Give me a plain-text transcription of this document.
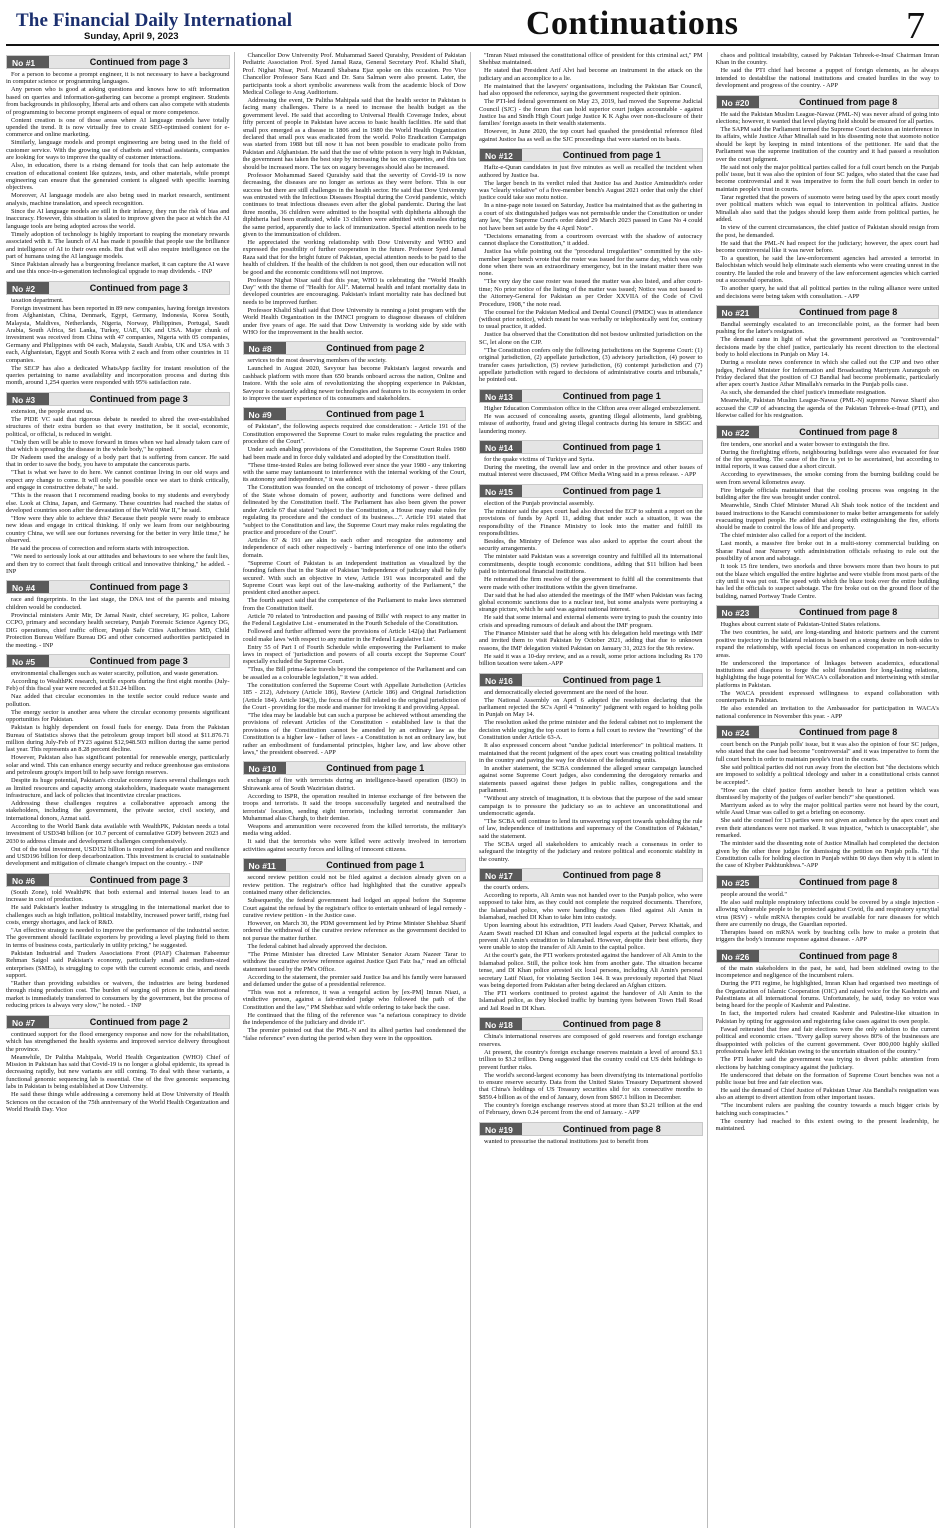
The Financial Daily International
Sunday, April 9, 2023	Continuations	7
No #1	Continued from page 3

For a person to become a prompt engineer, it is not necessary to have a background in computer science or programming languages.

Any person who is good at asking questions and knows how to sift information based on queries and information-gathering can become a prompt engineer. Students from backgrounds in philosophy, liberal arts and others can also compete with students of programming to become prompt engineers of equal or more competence.

Content creation is one of those areas where AI language models have totally upended the trend. It is now virtually free to create SEO-optimised content for e-commerce and online marketing.

Similarly, language models and prompt engineering are being used in the field of customer service. With the growing use of chatbots and virtual assistants, companies are looking for ways to improve the quality of customer interactions.

Also, in education, there is a rising demand for tools that can help automate the creation of educational content like quizzes, tests, and other materials, while prompt engineering can ensure that the generated content is aligned with specific learning objectives.

Moreover, AI language models are also being used in market research, sentiment analysis, machine translation, and speech recognition.

Since the AI language models are still in their infancy, they run the risk of bias and inaccuracy. However, this situation is slated to improve given the pace at which the AI language tools are being adopted across the world.

Timely adoption of technology is highly important to reaping the monetary rewards associated with it. The launch of AI has made it possible that people use the brilliance and intelligence of AI to their own ends. But that will also require intelligence on the part of humans using the AI language models.

Since Pakistan already has a burgeoning freelance market, it can capture the AI wave and use this once-in-a-generation technological upgrade to reap dividends. - INP

No #2	Continued from page 3

taxation department.

Foreign investment has been reported in 89 new companies, having foreign investors from Afghanistan, China, Denmark, Egypt, Germany, Indonesia, Korea South, Malaysia, Maldives, Netherlands, Nigeria, Norway, Philippines, Portugal, Saudi Arabia, South Africa, Sri Lanka, Turkey, UAE, UK and USA. Major chunk of investment was received from China with 47 companies, Nigeria with 05 companies, Germany and Philippines with 04 each, Malaysia, Saudi Arabia, UK and USA with 3 each, Afghanistan, Egypt and South Korea with 2 each and from other countries in 11 companies.

The SECP has also a dedicated WhatsApp facility for instant resolution of the queries pertaining to name availability and incorporation process and during this month, around 1,254 queries were responded with 95% satisfaction rate.

No #3	Continued from page 3

extension, the people around us.

The PIDE VC said that rigorous debate is needed to shred the over-established structures of their extra burden so that every institution, be it social, economic, political, or official, is reduced in weight.

"Only then will be able to move forward in times when we had already taken care of that which is spreading the disease in the whole body," he opined.

Dr Nadeem used the analogy of a body part that is suffering from cancer. He said that in order to save the body, you have to amputate the cancerous parts.

"That is what we have to do here. We cannot continue living in our old ways and expect any change to come. It will only be possible once we start to think critically, and engage in constructive debate," he said.

"This is the reason that I recommend reading books to my students and everybody else. Look at China, Japan, and Germany. These countries had reached the status of developed countries soon after the devastation of the World War II," he said.

"How were they able to achieve this? Because their people were ready to embrace new ideas and engage in critical thinking. If only we learn from our neighbouring country China, we will see our fortunes reversing for the better in very little time," he observed.

He said the process of correction and reform starts with introspection.

"We need to seriously look at our attitudes and behaviours to see where the fault lies, and then try to correct that fault through critical and innovative thinking," he added. - INP

No #4	Continued from page 3

race and fingerprints. In the last stage, the DNA test of the parents and missing children would be conducted.

Provincial ministers Amir Mir, Dr Jamal Nasir, chief secretary, IG police, Lahore CCPO, primary and secondary health secretary, Punjab Forensic Science Agency DG, DIG operations, chief traffic officer, Punjab Safe Cities Authorities MD, Child Protection Bureau Welfare Bureau DG and other concerned authorities participated in the meeting. - INP

No #5	Continued from page 3

environmental challenges such as water scarcity, pollution, and waste generation.

According to WealthPK research, textile exports during the first eight months (July-Feb) of this fiscal year were recorded at $11.24 billion.

Naz added that circular economies in the textile sector could reduce waste and pollution.

The energy sector is another area where the circular economy presents significant opportunities for Pakistan.

Pakistan is highly dependent on fossil fuels for energy. Data from the Pakistan Bureau of Statistics shows that the petroleum group import bill stood at $11.876.71 million during July-Feb of FY23 against $12,948.503 million during the same period last year. This represents an 8.28 percent decline.

However, Pakistan also has significant potential for renewable energy, particularly solar and wind. This can enhance energy security and reduce greenhouse gas emissions and petroleum group's import bill to help save foreign reserves.

Despite its huge potential, Pakistan's circular economy faces several challenges such as limited resources and capacity among stakeholders, inadequate waste management infrastructure, and lack of policies that incentivize circular practices.

Addressing these challenges requires a collaborative approach among the stakeholders, including the government, the private sector, civil society, and international donors, Azmat said.

According to the World Bank data available with WealthPK, Pakistan needs a total investment of USD348 billion (or 10.7 percent of cumulative GDP) between 2023 and 2030 to address climate and development challenges comprehensively.

Out of the total investment, USD152 billion is required for adaptation and resilience and USD196 billion for deep decarbonization. This investment is crucial to sustainable development and mitigation of climate change's impact on the country. - INP

No #6	Continued from page 3

(South Zone), told WealthPK that both external and internal issues lead to an increase in cost of production.

He said Pakistan's leather industry is struggling in the international market due to challenges such as high inflation, political instability, increased power tariff, rising fuel costs, energy shortages, and lack of R&D.

"An effective strategy is needed to improve the performance of the industrial sector. The government should facilitate exporters by providing a level playing field to them in terms of business costs, particularly in utility pricing," he suggested.

Pakistan Industrial and Traders Associations Front (PIAF) Chairman Faheemur Rehman Saigol said Pakistan's economy, particularly small and medium-sized enterprises (SMEs), is struggling to cope with the current economic crisis, and needs support.

"Rather than providing subsidies or waivers, the industries are being burdened through rising production cost. The burden of surging oil prices in the international market is immediately transferred to consumers by the government, but the process of reducing prices is always very slow," he noted. - INP

No #7	Continued from page 2

continued support for the flood emergency response and now for the rehabilitation, which has strengthened the health systems and improved service delivery throughout the province.

Meanwhile, Dr Palitha Mahipala, World Health Organization (WHO) Chief of Mission in Pakistan has said that Covid-19 is no longer a global epidemic, its spread is decreasing rapidly, but new variants are still coming. To deal with these variants, a functional genomic sequencing lab is essential. One of the five genomic sequencing labs in Pakistan is being established at Dow University.

He said these things while addressing a ceremony held at Dow University of Health Sciences on the occasion of the 75th anniversary of the World Health Organization and World Health Day. Vice

Chancellor Dow University Prof. Muhammad Saeed Quraishy, President of Pakistan Pediatric Association Prof. Syed Jamal Raza, General Secretary Prof. Khalid Shafi, Prof. Nighat Nisar, Prof. Muzamil Shabana Ejaz spoke on this occasion. Pro Vice Chancellor Professor Sara Kazi and Dr. Sara Salman were also present. Later, the participants took a short symbolic awareness walk from the academic block of Dow Medical College to Arag Auditorium.

Addressing the event, Dr Palitha Mahipala said that the health sector in Pakistan is facing many challenges. There is a need to increase the health budget as the government level. He said that according to Universal Health Coverage Index, about fifty percent of people in Pakistan have access to basic health facilities. He said that small pox emerged as a disease in 1806 and in 1980 the World Health Organization declared that small pox was eradicated from the world. Polio Eradication Campaign was started from 1988 but till now it has not been possible to eradicate polio from Pakistan and Afghanistan. He said that the use of white poison is very high in Pakistan, the government has taken the best step by increasing the tax on cigarettes, and this tax should be increased more. The tax on sugary beverages should also be increased.

Professor Mohammad Saeed Quraishy said that the severity of Covid-19 is now decreasing, the diseases are no longer as serious as they were before. This is our success but there are still challenges in the health sector. He said that Dow University was entrusted with the Infectious Diseases Hospital during the Covid pandemic, which continues to treat infectious diseases even after the global pandemic. During the last three months, 36 children were admitted to the hospital with diphtheria although the diphtheria had been eradicated, while 13 children were admitted with measles during the same period, apparently due to lack of immunization. Special attention needs to be given to the immunization of children.

He appreciated the working relationship with Dow University and WHO and expressed the possibility of further cooperation in the future. Professor Syed Jamal Raza said that for the bright future of Pakistan, special attention needs to be paid to the health of children. If the health of the children is not good, then our education will not be good and the economic conditions will not improve.

Professor Nighat Nisar said that this year, WHO is celebrating the "World Health Day" with the theme of "Health for All". Maternal health and infant mortality data in developed countries are encouraging. Pakistan's infant mortality rate has declined but needs to be improved further.

Professor Khalid Shafi said that Dow University is running a joint program with the World Health Organization in the IMNCI program to diagnose diseases of children under five years of age. He said that Dow University is working side by side with WHO for the improvement in the health sector.

No #8	Continued from page 2

services to the most deserving members of the society.

Launched in August 2020, Savyour has become Pakistan's largest rewards and cashback platform with more than 650 brands onboard across the nation, Online and Instore. With the sole aim of revolutionizing the shopping experience in Pakistan, Savyour is constantly adding newer technologies and features to its ecosystem in order to improve the user experience of its consumers and stakeholders.

No #9	Continued from page 1

of Pakistan", the following aspects required due consideration: - Article 191 of the Constitution empowered the Supreme Court to make rules regulating the practice and procedure of the Court".

Under such enabling provisions of the Constitution, the Supreme Court Rules 1980 had been made and in force duly validated and adopted by the Constitution itself.

"These time-tested Rules are being followed ever since the year 1980 - any tinkering with the same may tantamount to interference with the internal working of the Court, its autonomy and independence," it was added.

The Constitution was founded on the concept of trichotomy of power - three pillars of the State whose domain of power, authority and functions were defined and delineated by the Constitution itself. The Parliament has also been given the power under Article 67 that stated "subject to the Constitution, a House may make rules for regulating its procedure and the conduct of its business....". Article 191 stated that "subject to the Constitution and law, the Supreme Court may make rules regulating the practice and procedure of the Court".

Articles 67 & 191 are akin to each other and recognize the autonomy and independence of each other respectively - barring interference of one into the other's domain.

"Supreme Court of Pakistan is an independent institution as visualized by the founding fathers that in the State of Pakistan 'independence of judiciary shall be fully secured'. With such an objective in view, Article 191 was incorporated and the Supreme Court was kept out of the law-making authority of the Parliament," the president cited another aspect.

The fourth aspect said that the competence of the Parliament to make laws stemmed from the Constitution itself.

Article 70 related to 'introduction and passing of Bills' with respect to any matter in the Federal Legislative List - enumerated in the Fourth Schedule of the Constitution.

Followed and further affirmed were the provisions of Article 142(a) that Parliament could make laws 'with respect to any matter in the Federal Legislative List'.

Entry 55 of Part I of Fourth Schedule while empowering the Parliament to make laws in respect of 'jurisdiction and powers of all courts except the Supreme Court' especially excluded the Supreme Court.

"Thus, the Bill prima-facie travels beyond the competence of the Parliament and can be assailed as a colourable legislation," it was added.

The constitution conferred the Supreme Court with Appellate Jurisdiction (Articles 185 - 212), Advisory (Article 186), Review (Article 186) and Original Jurisdiction (Article 184). Article 184(3), the focus of the Bill related to the original jurisdiction of the Court - providing for the mode and manner for invoking it and providing Appeal.

"The idea may be laudable but can such a purpose be achieved without amending the provisions of relevant Articles of the Constitution - established law is that the provisions of the Constitution cannot be amended by an ordinary law as the Constitution is a higher law - father of laws - a Constitution is not an ordinary law, but rather an embodiment of fundamental principles, higher law, and law above other laws," the president observed. - APP

No #10	Continued from page 1

exchange of fire with terrorists during an intelligence-based operation (IBO) in Shirawank area of South Waziristan district.

According to ISPR, the operation resulted in intense exchange of fire between the troops and terrorists. It said the troops successfully targeted and neutralised the terrorists' location, sending eight terrorists, including terrorist commander Jan Muhammad alias Chargh, to their demise.

Weapons and ammunition were recovered from the killed terrorists, the military's media wing added.

It said that the terrorists who were killed were actively involved in terrorism activities against security forces and killing of innocent citizens.

No #11	Continued from page 1

second review petition could not be filed against a decision already given on a review petition. The registrar's office had highlighted that the curative appeal's contained many other deficiencies.

Subsequently, the federal government had lodged an appeal before the Supreme Court against the refusal by the registrar's office to entertain unheard of legal remedy - curative review petition - in the Justice case.

However, on March 30, the PDM government led by Prime Minister Shehbaz Sharif ordered the withdrawal of the curative review reference as the government decided to not pursue the matter further.

The federal cabinet had already approved the decision.

"The Prime Minister has directed Law Minister Senator Azam Nazeer Tarar to withdraw the curative review reference against Justice Qazi Faiz Isa," read an official statement issued by the PM's Office.

According to the statement, the premier said Justice Isa and his family were harassed and defamed under the guise of a presidential reference.

"This was not a reference, it was a vengeful action by [ex-PM] Imran Niazi, a vindictive person, against a fair-minded judge who followed the path of the Constitution and the law," PM Shehbaz said while ordering to take back the case.

He continued that the filing of the reference was "a nefarious conspiracy to divide the independence of the judiciary and divide it".

The premier pointed out that the PML-N and its allied parties had condemned the "false reference" even during the period when they were in the opposition.

"Imran Niazi misused the constitutional office of president for this criminal act," PM Shehbaz maintained.

He stated that President Arif Alvi had become an instrument in the attack on the judiciary and an accomplice to a lie.

He maintained that the lawyers' organisations, including the Pakistan Bar Council, had also opposed the reference, saying the government respected their opinion.

The PTI-led federal government on May 23, 2019, had moved the Supreme Judicial Council (SJC) - the forum that can hold superior court judges accountable - against Justice Isa and Sindh High Court judge Justice K K Agha over non-disclosure of their families' foreign assets in their wealth statements.

However, in June 2020, the top court had quashed the presidential reference filed against Justice Isa as well as the SJC proceedings that were started on its basis.

No #12	Continued from page 1

Hafiz-e-Quran candidates in just five minutes as well as recalled the incident when authored by Justice Isa.

The larger bench in its verdict ruled that Justice Isa and Justice Aminuddin's order was "clearly violative" of a five-member bench's August 2021 order that only the chief justice could take suo motu notice.

In a nine-page note issued on Saturday, Justice Isa maintained that as the gathering in a court of six distinguished judges was not permissible under the Constitution or under any law, "the Supreme Court's order dated 29 March 2023 passed in Case No 4 could not have been set aside by the 4 April Note".

"Decisions emanating from a courtroom overcast with the shadow of autocracy cannot displace the Constitution," it added.

Justice Isa while pointing out the "procedural irregularities" committed by the six-member larger bench wrote that the roster was issued for the same day, which was only done when there was an extraordinary emergency, but in the instant matter there was none.

"The very day the case roster was issued the matter was also listed, and after court-time; No prior notice of the listing of the matter was issued; Notice was not issued to the Attorney-General for Pakistan as per Order XXVIIA of the Code of Civil Procedure, 1908," the note read.

The counsel for the Pakistan Medical and Dental Council (PMDC) was in attendance (without prior notice), which meant he was verbally or telephonically sent for, contrary to usual practice, it added.

Justice Isa observed that the Constitution did not bestow unlimited jurisdiction on the SC, let alone on the CJP.

"The Constitution confers only the following jurisdictions on the Supreme Court: (1) original jurisdiction, (2) appellate jurisdiction, (3) advisory jurisdiction, (4) power to transfer cases jurisdiction, (5) review jurisdiction, (6) contempt jurisdiction and (7) appellate jurisdiction with regard to decisions of administrative courts and tribunals," he pointed out.

No #13	Continued from page 1

Higher Education Commission office in the Clifton area over alleged embezzlement.

He was accused of concealing assets, granting illegal allotments, land grabbing, misuse of authority, fraud and giving illegal contracts during his tenure in SBGC and laundering money.

No #14	Continued from page 1

for the quake victims of Turkiye and Syria.

During the meeting, the overall law and order in the province and other issues of mutual interest were discussed, PM Office Media Wing said in a press release. - APP

No #15	Continued from page 1

election of the Punjab provincial assembly.

The minister said the apex court had also directed the ECP to submit a report on the provisions of funds by April 11, adding that under such a situation, it was the responsibility of the Finance Ministry to look into the matter and fulfill its responsibilities.

Besides, the Ministry of Defence was also asked to apprise the court about the security arrangements.

The minister said Pakistan was a sovereign country and fulfilled all its international commitments, despite tough economic conditions, adding that $11 billion had been paid to international financial institutions.

He reiterated the firm resolve of the government to fulfil all the commitments that were made with other institutions within the given timeframe.

Dar said that he had also attended the meetings of the IMF when Pakistan was facing global economic sanctions due to a nuclear test, but some analysts were portraying a strange picture, which he said was against national interest.

He said that some internal and external elements were trying to push the country into crisis and spreading rumours of default and about the IMF program.

The Finance Minister said that he along with his delegation held meetings with IMF and invited them to visit Pakistan by October 2021, adding that due to unknown reasons, the IMF delegation visited Pakistan on January 31, 2023 for the 9th review.

He said it was a 10-day review, and as a result, some prior actions including Rs 170 billion taxation were taken.-APP

No #16	Continued from page 1

and democratically elected government are the need of the hour.

The National Assembly on April 6 adopted the resolution declaring that the parliament rejected the SC's April 4 "minority" judgment with regard to holding polls in Punjab on May 14.

The resolution asked the prime minister and the federal cabinet not to implement the decision while urging the top court to form a full court to review the "rewriting" of the Constitution under Article 63-A.

It also expressed concern about "undue judicial interference" in political matters. It maintained that the recent judgment of the apex court was creating political instability in the country and paving the way for division of the federating units.

In another statement, the SCBA condemned the alleged smear campaign launched against some Supreme Court judges, also condemning the derogatory remarks and statements passed against these judges in public rallies, congregations and the parliament.

"Without any stretch of imagination, it is obvious that the purpose of the said smear campaign is to pressure the judiciary so as to achieve an unconstitutional and undemocratic agenda.

"The SCBA will continue to lend its unwavering support towards upholding the rule of law, independence of institutions and supremacy of the Constitution of Pakistan," said the statement.

The SCBA urged all stakeholders to amicably reach a consensus in order to safeguard the integrity of the judiciary and restore political and economic stability in the country.

No #17	Continued from page 8

the court's orders.

According to reports, Ali Amin was not handed over to the Punjab police, who were supposed to take him, as they could not complete the required documents. Therefore, the Islamabad police, who were handling the cases filed against Ali Amin in Islamabad, reached DI Khan to take him into custody.

Upon learning about his extradition, PTI leaders Asad Qaiser, Pervez Khattak, and Azam Swati reached DI Khan and consulted legal experts at the judicial complex to prevent Ali Amin's extradition to Islamabad. However, despite their best efforts, they were unable to stop the transfer of Ali Amin to the capital police.

At the court's gate, the PTI workers protested against the handover of Ali Amin to the Islamabad police. Still, the police took him from another gate. The situation became tense, and DI Khan police arrested six local persons, including Ali Amin's personal secretary Latif Niazi, for violating Section 144. It was previously reported that Niazi was being deported from Pakistan after being declared an Afghan citizen.

The PTI workers continued to protest against the handover of Ali Amin to the Islamabad police, as they blocked traffic by burning tyres between Town Hall Road and Jail Road in DI Khan.

No #18	Continued from page 8

China's international reserves are composed of gold reserves and foreign exchange reserves.

At present, the country's foreign exchange reserves maintain a level of around $3.1 trillion to $3.2 trillion. Deng suggested that the country could cut US debt holdings to prevent further risks.

The world's second-largest economy has been diversifying its international portfolio to ensure reserve security. Data from the United States Treasury Department showed that China's holdings of US Treasury securities slid for six consecutive months to $859.4 billion as of the end of January, down from $867.1 billion in December.

The country's foreign exchange reserves stood at more than $3.21 trillion at the end of February, down 0.24 percent from the end of January. - APP

No #19	Continued from page 8

wanted to pressurise the national institutions just to benefit from

chaos and political instability, caused by Pakistan Tehreek-e-Insaf Chairman Imran Khan in the country.

He said the PTI chief had become a puppet of foreign elements, as he always intended to destabilise the national institutions and created hurdles in the way to development and progress of the country. - APP

No #20	Continued from page 8

He said the Pakistan Muslim League-Nawaz (PML-N) was never afraid of going into elections; however, it wanted that level playing field should be ensured for all parties.

The SAPM said the Parliament termed the Supreme Court decision an interference in its affairs, while Justice Athar Minallah said in his dissenting note that suomoto notice should be kept by keeping in mind intentions of the petitioner. He said that the Parliament was the supreme institution of the country and it had passed a resolution over the court judgment.

He said not only the major political parties called for a full court bench on the Punjab polls' issue, but it was also the opinion of four SC judges, who stated that the case had become controversial and it was imperative to form the full court bench in order to maintain people's trust in courts.

Tarar regretted that the powers of suomoto were being used by the apex court mostly over political matters which was equal to intervention in political affairs. Justice Minallah also said that the judges should keep them aside from political parties, he added.

In view of the current circumstances, the chief justice of Pakistan should resign from the post, he demanded.

He said that the PML-N had respect for the judiciary; however, the apex court had become controversial like it was never before.

To a question, he said the law-enforcement agencies had arrested a terrorist in Balochistan which would help eliminate such elements who were creating unrest in the country. He lauded the role and bravery of the law enforcement agencies which carried out a successful operation.

To another query, he said that all political parties in the ruling alliance were united and decisions were being taken with consultation. - APP

No #21	Continued from page 8

Bandial seemingly escalated to an irreconcilable point, as the former had been pushing for the latter's resignation.

The demand came in light of what the government perceived as "controversial" decisions made by the chief justice, particularly his recent direction to the electoral body to hold elections in Punjab on May 14.

During a resolute news conference in which she called out the CJP and two other judges, Federal Minister for Information and Broadcasting Marriyum Aurangzeb on Friday declared that the position of CJ Bandial had become problematic, particularly after apex court's Justice Athar Minallah's remarks in the Punjab polls case.

As such, she demanded the chief justice's immediate resignation.

Meanwhile, Pakistan Muslim League-Nawaz (PML-N) supremo Nawaz Sharif also accused the CJP of advancing the agenda of the Pakistan Tehreek-e-Insaf (PTI), and likewise called for his resignation.

No #22	Continued from page 8

fire tenders, one snorkel and a water bowser to extinguish the fire.

During the firefighting efforts, neighbouring buildings were also evacuated for fear of the fire spreading. The cause of the fire is yet to be ascertained, but according to initial reports, it was caused due a short circuit.

According to eyewitnesses, the smoke coming from the burning building could be seen from several kilometres away.

Fire brigade officials maintained that the cooling process was ongoing in the building after the fire was brought under control.

Meanwhile, Sindh Chief Minister Murad Ali Shah took notice of the incident and issued instructions to the Karachi commissioner to make better arrangements for safely evacuating trapped people. He added that along with extinguishing the fire, efforts should be made to control the loss of life and property.

The chief minister also called for a report of the incident.

Last month, a massive fire broke out in a multi-storey commercial building on Sharae Faisal near Nursery with administration officials refusing to rule out the possibility of arson and sabotage.

It took 15 fire tenders, two snorkels and three bowsers more than two hours to put out the blaze which engulfed the entire highrise and were visible from most parts of the city until it was put out. The speed with which the blaze took over the entire building has led the officials to suspect sabotage. The fire broke out on the ground floor of the building, named Portway Trade Centre.

No #23	Continued from page 8

Hughes about current state of Pakistan-United States relations.

The two countries, he said, are long-standing and historic partners and the current positive trajectory in the bilateral relations is based on a strong desire on both sides to expand the relationship, with special focus on enhanced cooperation in non-security areas.

He underscored the importance of linkages between academics, educational institutions and diaspora to forge the solid foundation for long-lasting relations, highlighting the huge potential for WACA's collaboration and intertwining with similar platforms in Pakistan.

The WACA president expressed willingness to expand collaboration with counterparts in Pakistan.

He also extended an invitation to the Ambassador for participation in WACA's national conference in November this year. - APP

No #24	Continued from page 8

court bench on the Punjab polls' issue, but it was also the opinion of four SC judges, who stated that the case had become "controversial" and it was imperative to form the full court bench in order to maintain people's trust in the courts.

She said political parties did not run away from the election but "the decisions which are imposed to solidify a political ideology and usher in a constitutional crisis cannot be accepted".

"How can the chief justice form another bench to hear a petition which was dismissed by majority of the judges of earlier bench?" she questioned.

Marriyum asked as to why the major political parties were not heard by the court, while Asad Umar was called to get a briefing on economy.

She said the counsel for 13 parties were not given an audience by the apex court and even their attendances were not marked. It was injustice, "which is unacceptable", she remarked.

The minister said the dissenting note of Justice Minallah had completed the decision given by the other three judges for dismissing the petition on Punjab polls. "If the Constitution calls for holding election in Punjab within 90 days then why it is silent in the case of Khyber Pakhtunkhwa."-APP

No #25	Continued from page 8

people around the world."

He also said multiple respiratory infections could be covered by a single injection - allowing vulnerable people to be protected against Covid, flu and respiratory syncytial virus (RSV) - while mRNA therapies could be available for rare diseases for which there are currently no drugs, the Guardian reported.

Therapies based on mRNA work by teaching cells how to make a protein that triggers the body's immune response against disease. - APP

No #26	Continued from page 8

of the main stakeholders in the past, he said, had been sidelined owing to the incompetence and negligence of the incumbent rulers.

During the PTI regime, he highlighted, Imran Khan had organised two meetings of the Organization of Islamic Cooperation (OIC) and raised voice for the Kashmiris and Palestinians at all international forums. Unfortunately, he said, today no voice was being heard for the people of Kashmir and Palestine.

In fact, the imported rulers had created Kashmir and Palestine-like situation in Pakistan by opting for aggression and registering false cases against its own people.

Fawad reiterated that free and fair elections were the only solution to the current political and economic crises. "Every gallop survey shows 80% of the businesses are disappointed with policies of the current government. Over 800,000 highly skilled professionals have left Pakistan owing to the uncertain situation of the country."

The PTI leader said the government was trying to divert public attention from elections by hatching conspiracy against the judiciary.

He underscored that debate on the formation of Supreme Court benches was not a public issue but free and fair election was.

He said the demand of Chief Justice of Pakistan Umar Ata Bandial's resignation was also an attempt to divert attention from other important issues.

"The incumbent rulers are pushing the country towards a much bigger crisis by hatching such conspiracies."

The country had reached to this extent owing to the present leadership, he maintained.
